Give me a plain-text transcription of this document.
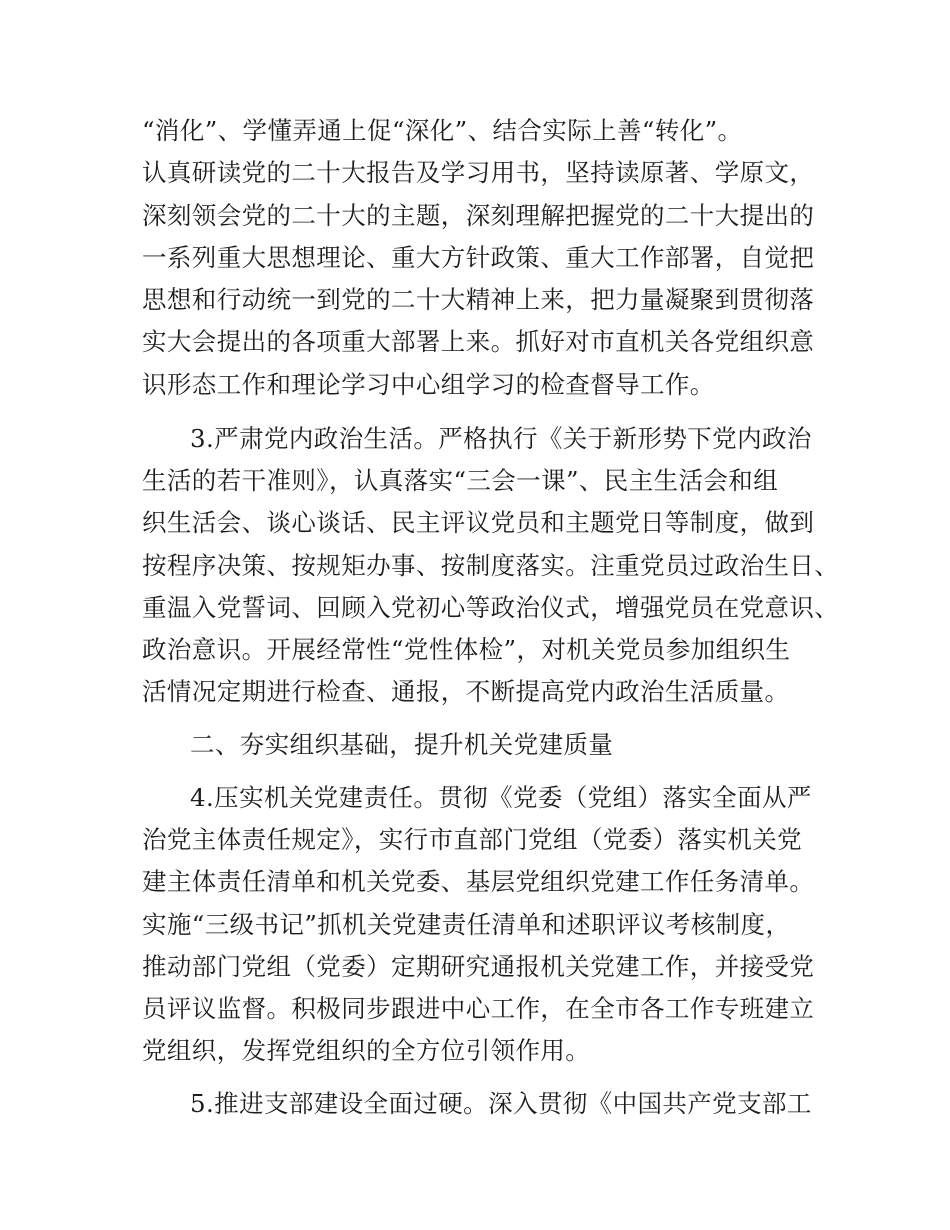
“消化”、学懂弄通上促“深化”、结合实际上善“转化”。
认真研读党的二十大报告及学习用书，坚持读原著、学原文，
深刻领会党的二十大的主题，深刻理解把握党的二十大提出的
一系列重大思想理论、重大方针政策、重大工作部署，自觉把
思想和行动统一到党的二十大精神上来，把力量凝聚到贯彻落
实大会提出的各项重大部署上来。抓好对市直机关各党组织意
识形态工作和理论学习中心组学习的检查督导工作。
3.严肃党内政治生活。严格执行《关于新形势下党内政治
生活的若干准则》，认真落实“三会一课”、民主生活会和组
织生活会、谈心谈话、民主评议党员和主题党日等制度，做到
按程序决策、按规矩办事、按制度落实。注重党员过政治生日、
重温入党誓词、回顾入党初心等政治仪式，增强党员在党意识、
政治意识。开展经常性“党性体检”，对机关党员参加组织生
活情况定期进行检查、通报，不断提高党内政治生活质量。
二、夯实组织基础，提升机关党建质量
4.压实机关党建责任。贯彻《党委（党组）落实全面从严
治党主体责任规定》，实行市直部门党组（党委）落实机关党
建主体责任清单和机关党委、基层党组织党建工作任务清单。
实施“三级书记”抓机关党建责任清单和述职评议考核制度，
推动部门党组（党委）定期研究通报机关党建工作，并接受党
员评议监督。积极同步跟进中心工作，在全市各工作专班建立
党组织，发挥党组织的全方位引领作用。
5.推进支部建设全面过硬。深入贯彻《中国共产党支部工
